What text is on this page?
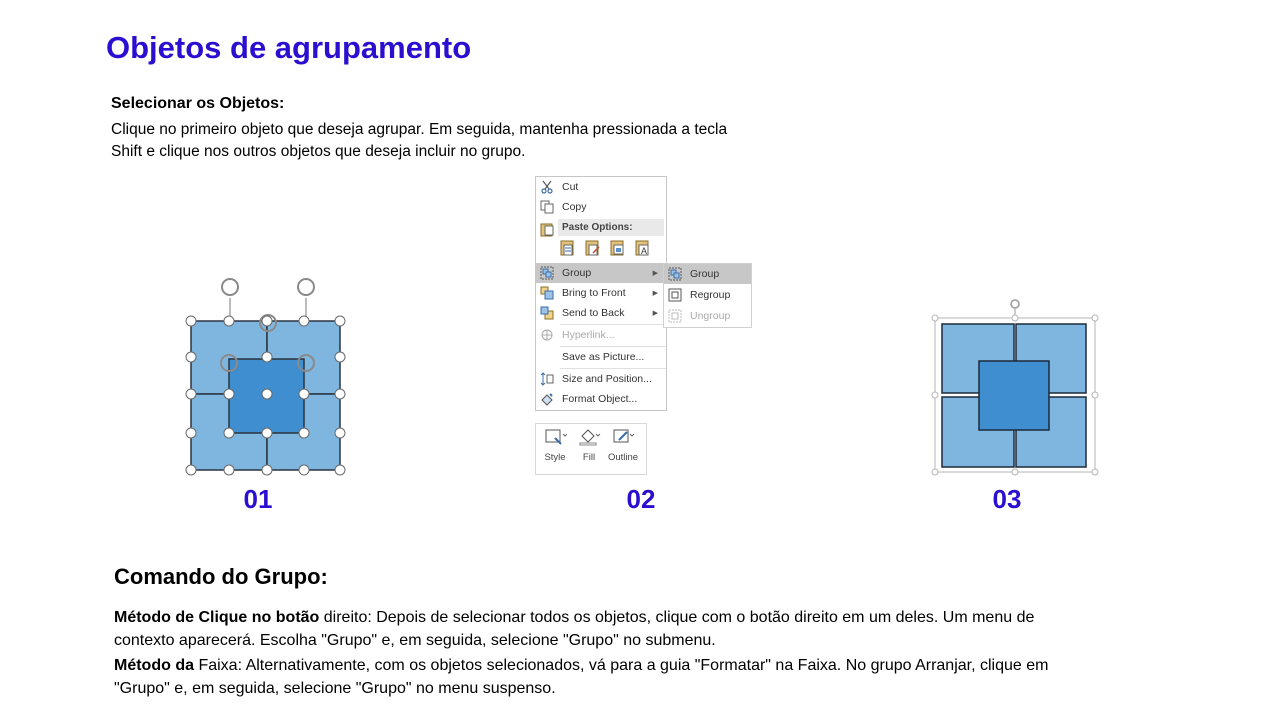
Objetos de agrupamento
Selecionar os Objetos:
Clique no primeiro objeto que deseja agrupar. Em seguida, mantenha pressionada a tecla Shift e clique nos outros objetos que deseja incluir no grupo.
01
Cut
Copy
Paste Options:
A
Group	▶
Bring to Front	▶
Send to Back	▶
Hyperlink...
Save as Picture...
Size and Position...
Format Object...
Group
Regroup
Ungroup
Style	Fill	Outline
02	03
Comando do Grupo:
Método de Clique no botão direito: Depois de selecionar todos os objetos, clique com o botão direito em um deles. Um menu de contexto aparecerá. Escolha "Grupo" e, em seguida, selecione "Grupo" no submenu.
Método da Faixa: Alternativamente, com os objetos selecionados, vá para a guia "Formatar" na Faixa. No grupo Arranjar, clique em "Grupo" e, em seguida, selecione "Grupo" no menu suspenso.
